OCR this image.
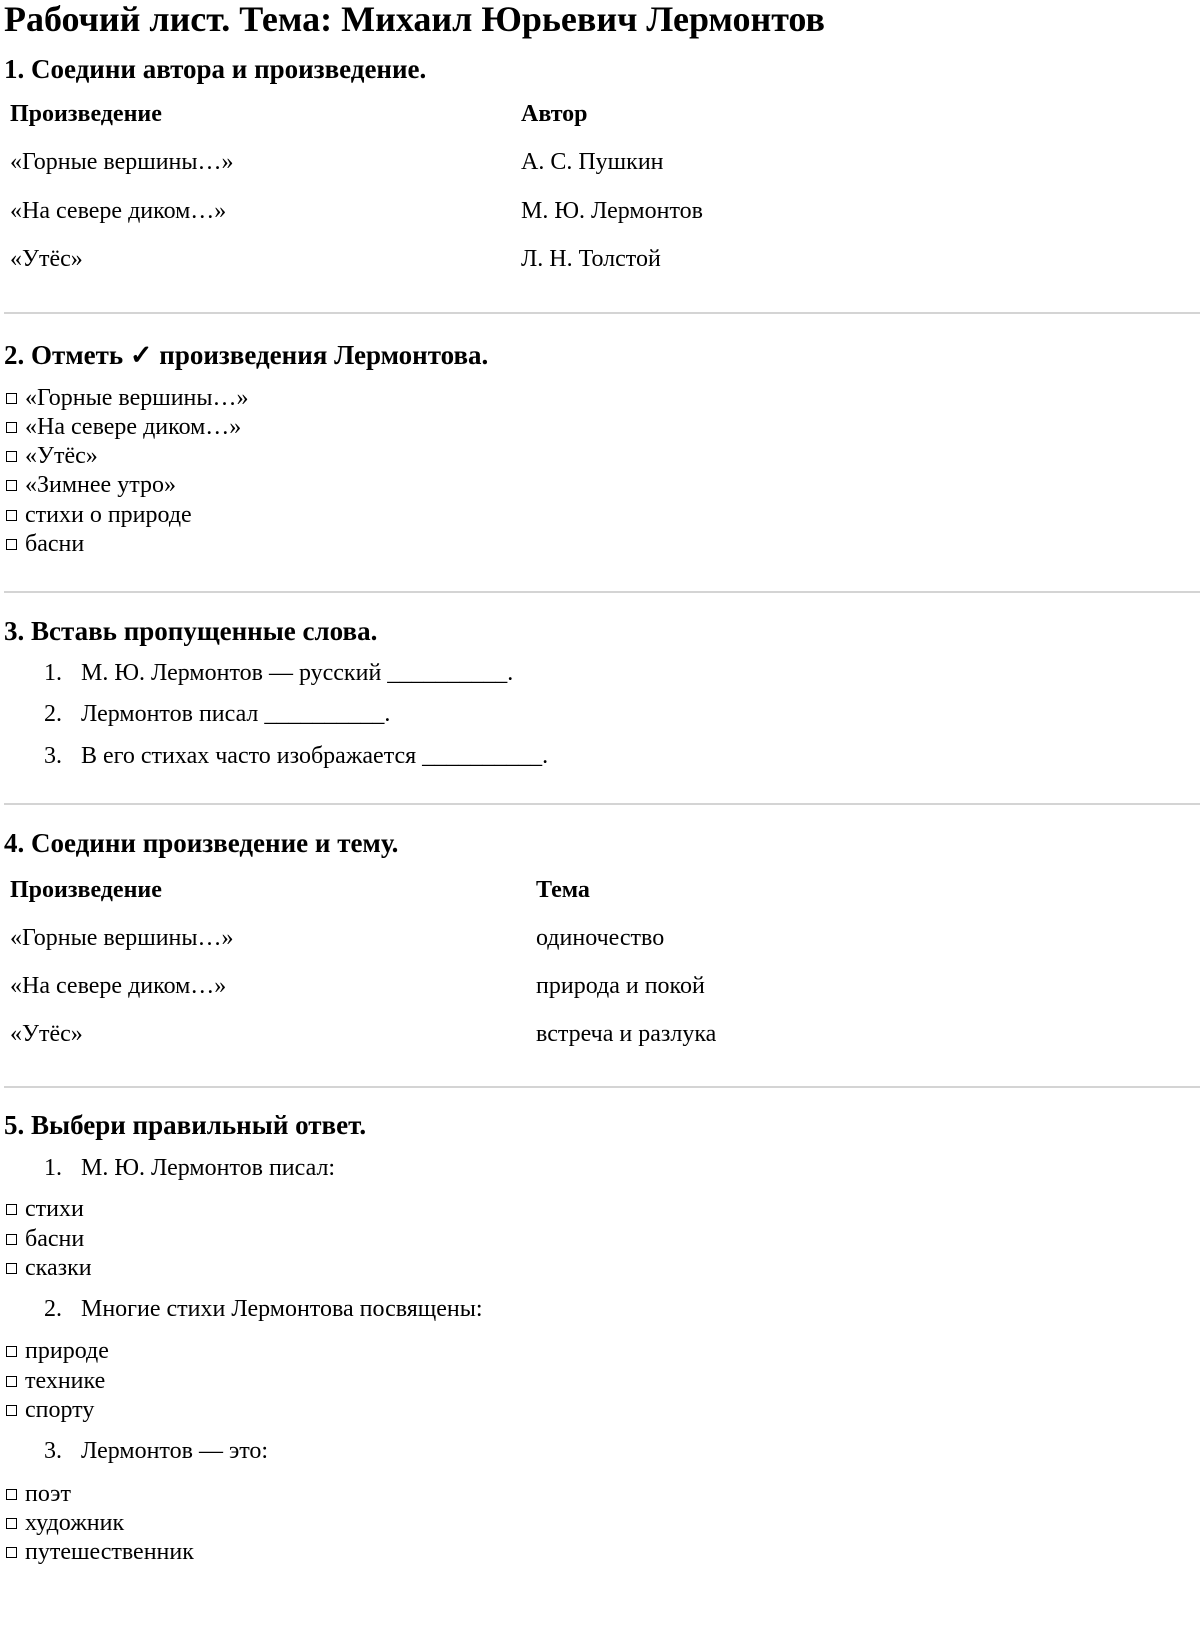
Рабочий лист. Тема: Михаил Юрьевич Лермонтов
1. Соедини автора и произведение.
Произведение	Автор
«Горные вершины…»	А. С. Пушкин
«На севере диком…»	М. Ю. Лермонтов
«Утёс»	Л. Н. Толстой
2. Отметь ✓ произведения Лермонтова.
«Горные вершины…»
«На севере диком…»
«Утёс»
«Зимнее утро»
стихи о природе
басни
3. Вставь пропущенные слова.
1. М. Ю. Лермонтов — русский __________.
2. Лермонтов писал __________.
3. В его стихах часто изображается __________.
4. Соедини произведение и тему.
Произведение	Тема
«Горные вершины…»	одиночество
«На севере диком…»	природа и покой
«Утёс»	встреча и разлука
5. Выбери правильный ответ.
1. М. Ю. Лермонтов писал:
стихи
басни
сказки
2. Многие стихи Лермонтова посвящены:
природе
технике
спорту
3. Лермонтов — это:
поэт
художник
путешественник
